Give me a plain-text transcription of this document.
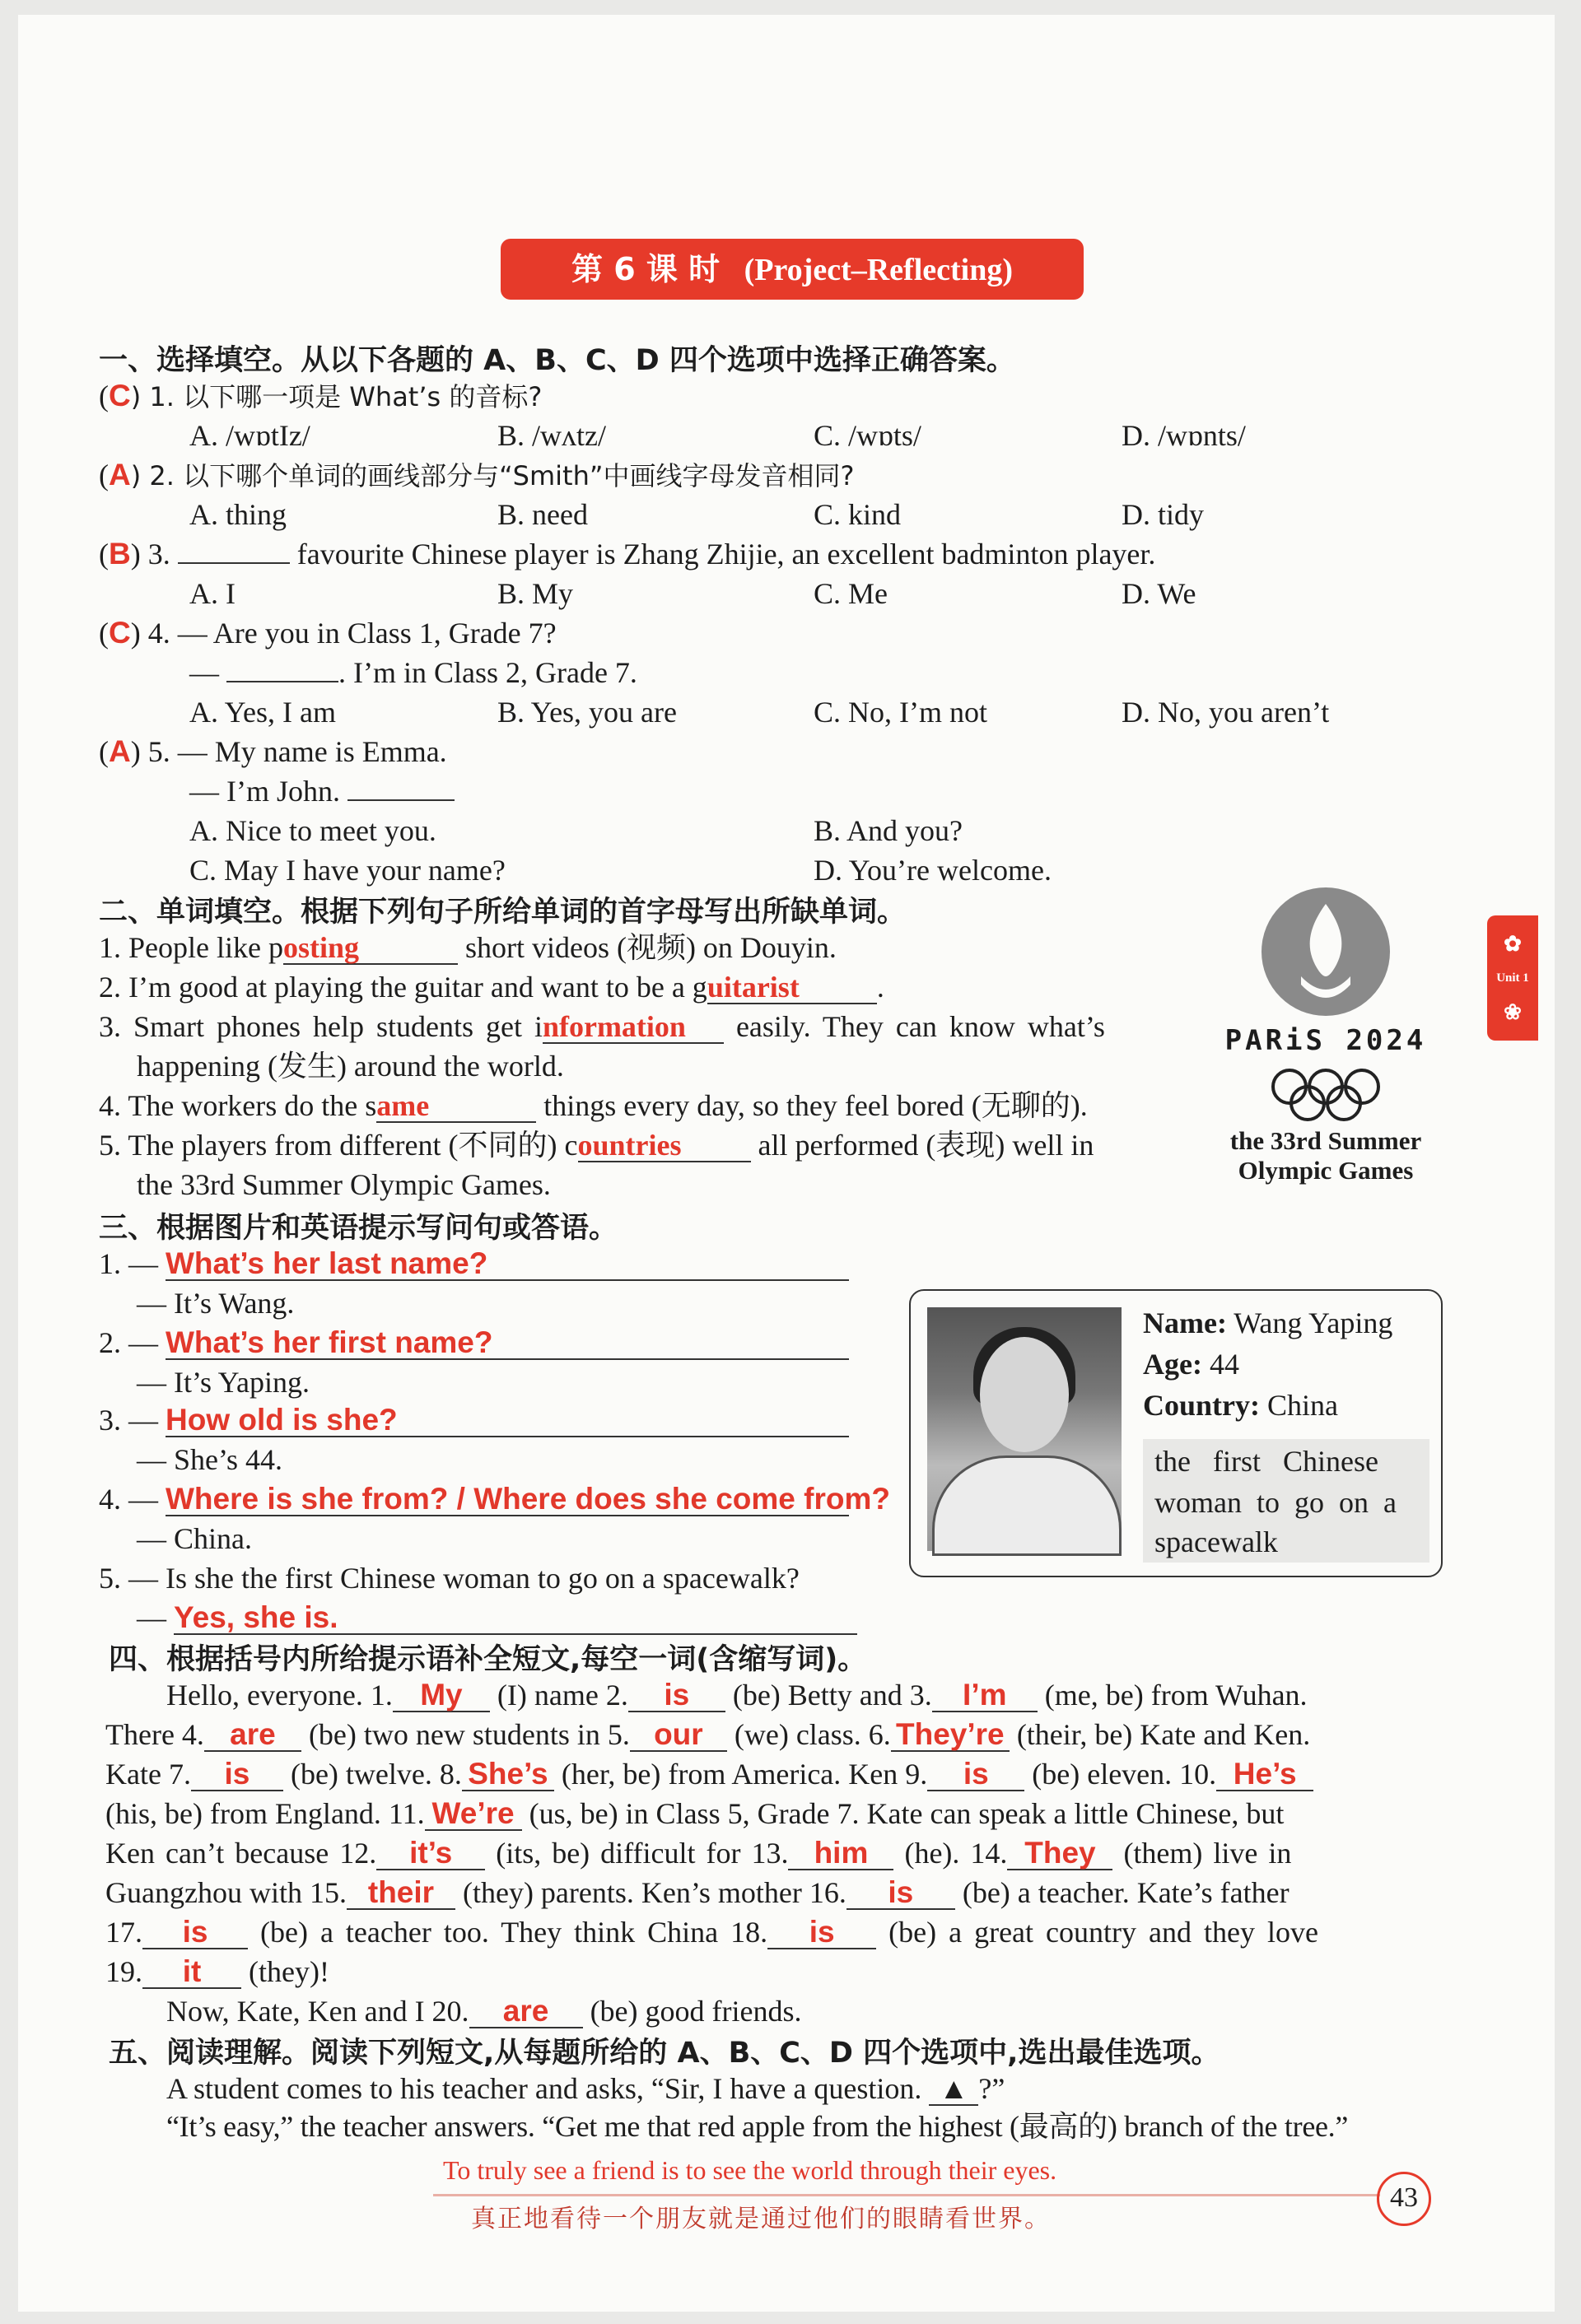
第 6 课 时 (Project–Reflecting)
✿
Unit 1
❀
一、选择填空。从以下各题的 A、B、C、D 四个选项中选择正确答案。
(C) 1. 以下哪一项是 What’s 的音标?
A. /wɒtIz/	B. /wʌtz/	C. /wɒts/	D. /wɒnts/
(A) 2. 以下哪个单词的画线部分与“Smith”中画线字母发音相同?
A. thing	B. need	C. kind	D. tidy
(B) 3.	favourite Chinese player is Zhang Zhijie, an excellent badminton player.
A. I	B. My	C. Me	D. We
(C) 4. — Are you in Class 1, Grade 7?
—	. I’m in Class 2, Grade 7.
A. Yes, I am	B. Yes, you are	C. No, I’m not	D. No, you aren’t
(A) 5. — My name is Emma.
— I’m John.
A. Nice to meet you.	B. And you?
C. May I have your name?	D. You’re welcome.
二、单词填空。根据下列句子所给单词的首字母写出所缺单词。
1. People like posting	short videos (视频) on Douyin.
2. I’m good at playing the guitar and want to be a guitarist	.
3. Smart phones help students get information easily. They can know what’s
happening (发生) around the world.
4. The workers do the same	things every day, so they feel bored (无聊的).
5. The players from different (不同的) countries all performed (表现) well in
the 33rd Summer Olympic Games.
PARiS 2024
the 33rd Summer
Olympic Games
三、根据图片和英语提示写问句或答语。
1. — What’s her last name?
— It’s Wang.
2. — What’s her first name?
— It’s Yaping.
3. — How old is she?
— She’s 44.
4. — Where is she from? / Where does she come from?
— China.
5. — Is she the first Chinese woman to go on a spacewalk?
— Yes, she is.
Name: Wang Yaping
Age: 44
Country: China
the   first   Chinese
woman  to  go  on  a
spacewalk
四、根据括号内所给提示语补全短文,每空一词(含缩写词)。
Hello, everyone. 1. My (I) name 2. is (be) Betty and 3. I’m (me, be) from Wuhan.
There 4. are (be) two new students in 5. our (we) class. 6. They’re (their, be) Kate and Ken.
Kate 7. is (be) twelve. 8. She’s (her, be) from America. Ken 9. is (be) eleven. 10. He’s
(his, be) from England. 11. We’re (us, be) in Class 5, Grade 7. Kate can speak a little Chinese, but
Ken can’t because 12. it’s (its, be) difficult for 13. him (he). 14. They (them) live in
Guangzhou with 15. their (they) parents. Ken’s mother 16. is (be) a teacher. Kate’s father
17. is (be) a teacher too. They think China 18. is (be) a great country and they love
19. it (they)!
Now, Kate, Ken and I 20. are (be) good friends.
五、阅读理解。阅读下列短文,从每题所给的 A、B、C、D 四个选项中,选出最佳选项。
A student comes to his teacher and asks, “Sir, I have a question. ▲ ?”
“It’s easy,” the teacher answers. “Get me that red apple from the highest (最高的) branch of the tree.”
To truly see a friend is to see the world through their eyes.
真正地看待一个朋友就是通过他们的眼睛看世界。
43
